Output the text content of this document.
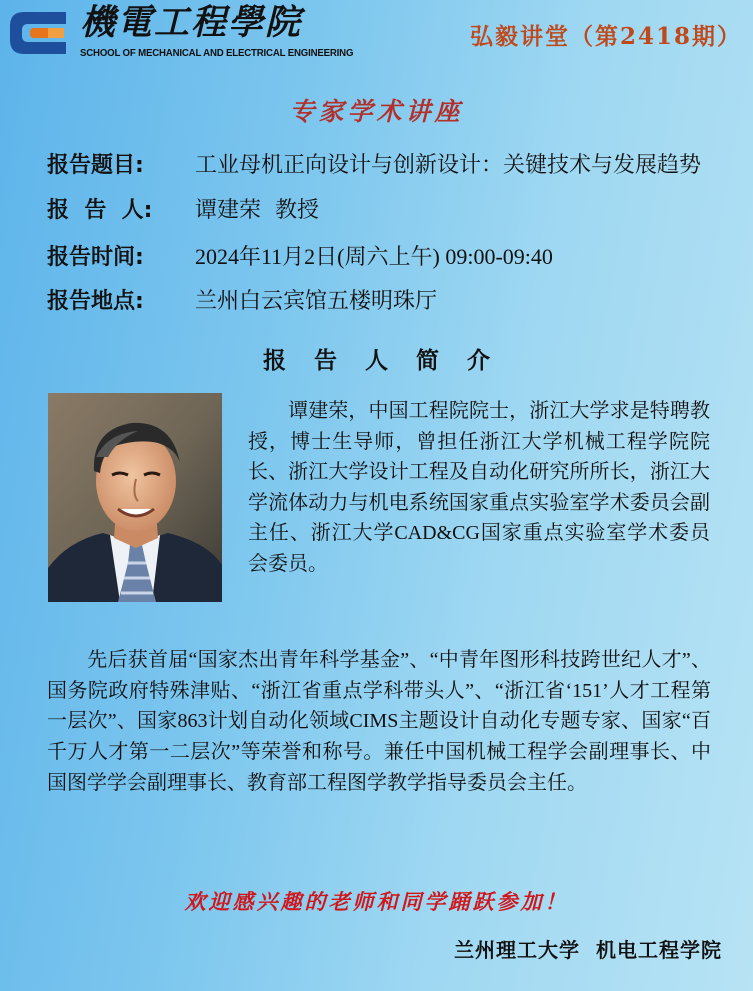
機電工程學院
SCHOOL OF MECHANICAL AND ELECTRICAL ENGINEERING
弘毅讲堂（第2418期）
专家学术讲座
报告题目: 工业母机正向设计与创新设计：关键技术与发展趋势
报  告  人: 谭建荣  教授
报告时间: 2024年11月2日(周六上午) 09:00-09:40
报告地点: 兰州白云宾馆五楼明珠厅
报告人简介
谭建荣，中国工程院院士，浙江大学求是特聘教授，博士生导师，曾担任浙江大学机械工程学院院长、浙江大学设计工程及自动化研究所所长，浙江大学流体动力与机电系统国家重点实验室学术委员会副主任、浙江大学CAD&CG国家重点实验室学术委员会委员。
先后获首届“国家杰出青年科学基金”、“中青年图形科技跨世纪人才”、国务院政府特殊津贴、“浙江省重点学科带头人”、“浙江省‘151’人才工程第一层次”、国家863计划自动化领域CIMS主题设计自动化专题专家、国家“百千万人才第一二层次”等荣誉和称号。兼任中国机械工程学会副理事长、中国图学学会副理事长、教育部工程图学教学指导委员会主任。
欢迎感兴趣的老师和同学踊跃参加！
兰州理工大学  机电工程学院
